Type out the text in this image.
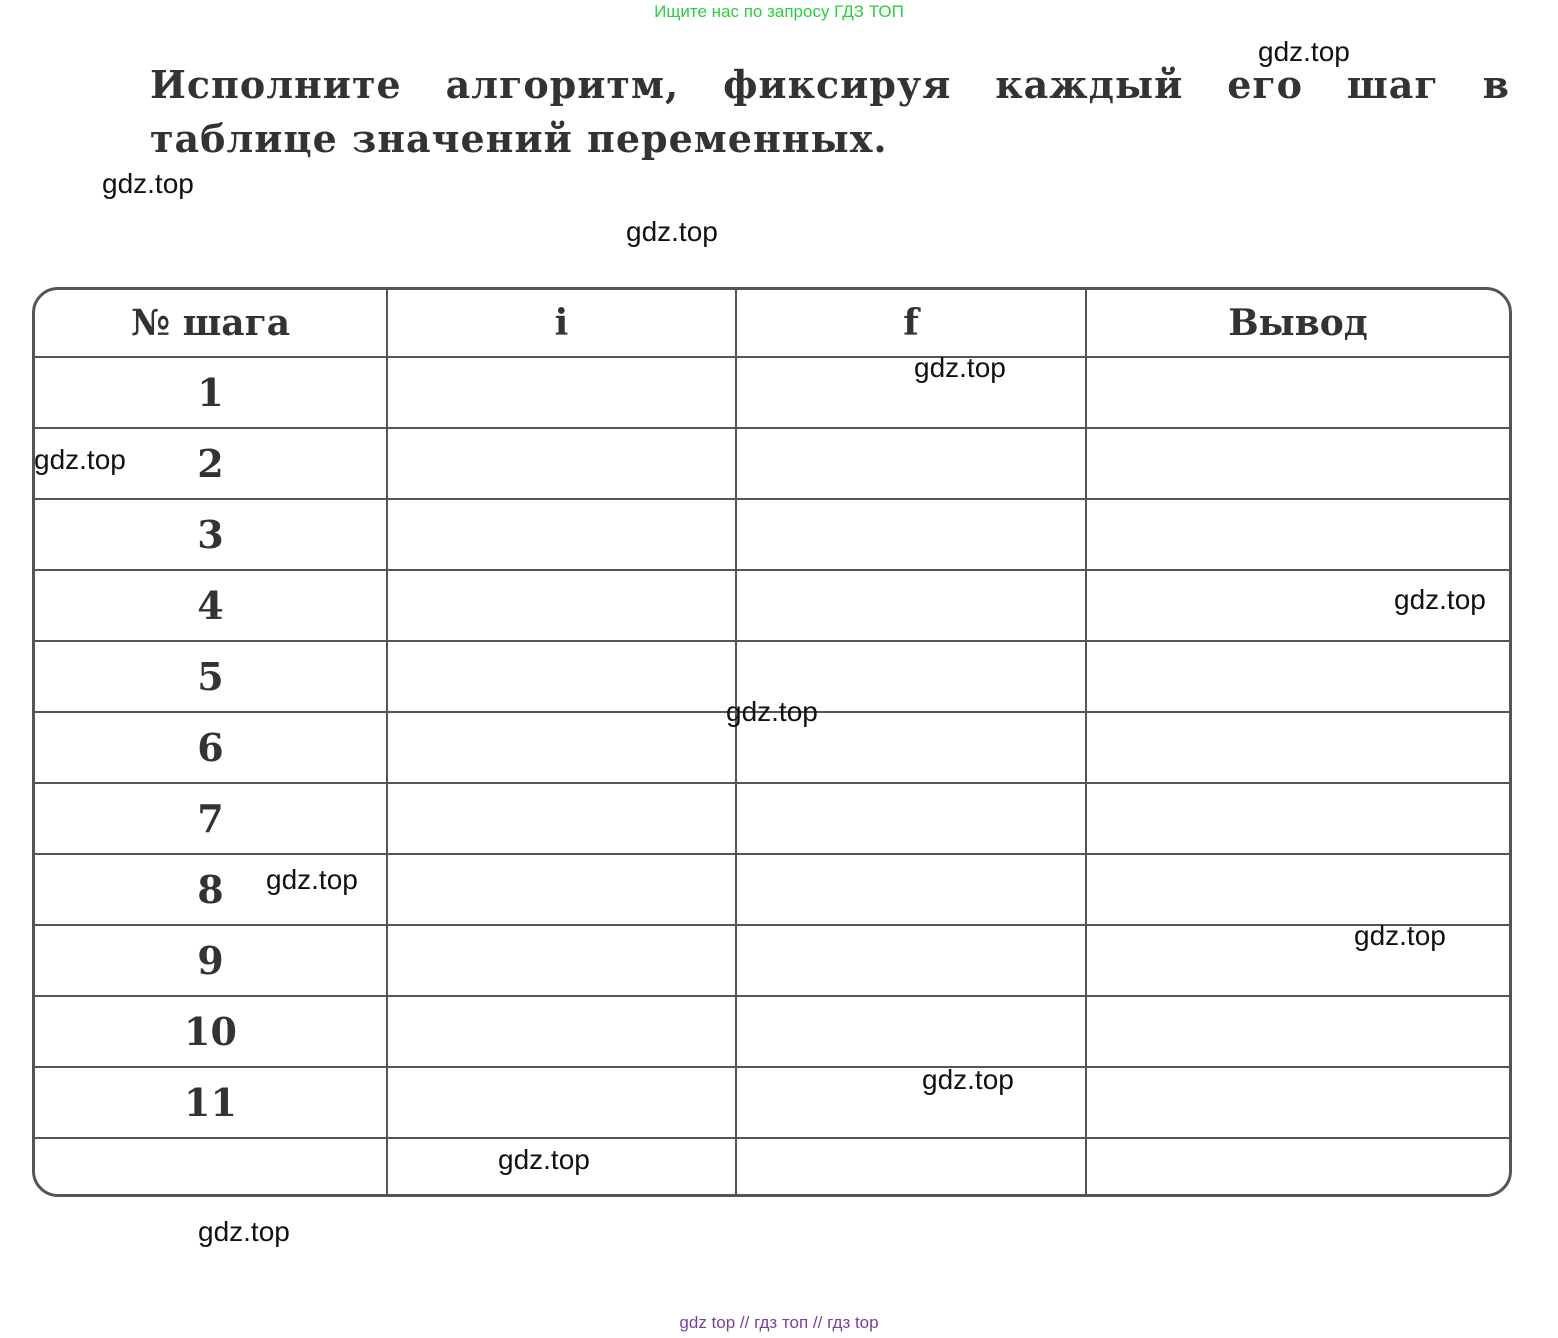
Ищите нас по запросу ГДЗ ТОП
Исполните алгоритм, фиксируя каждый его шаг в таблице значений переменных.
№ шага	i	f	Вывод
1			
2			
3			
4			
5			
6			
7			
8			
9			
10			
11			

gdz.top
gdz.top
gdz.top
gdz.top
gdz.top
gdz.top
gdz.top
gdz.top
gdz.top
gdz.top
gdz.top
gdz.top
gdz top // гдз топ // гдз top
